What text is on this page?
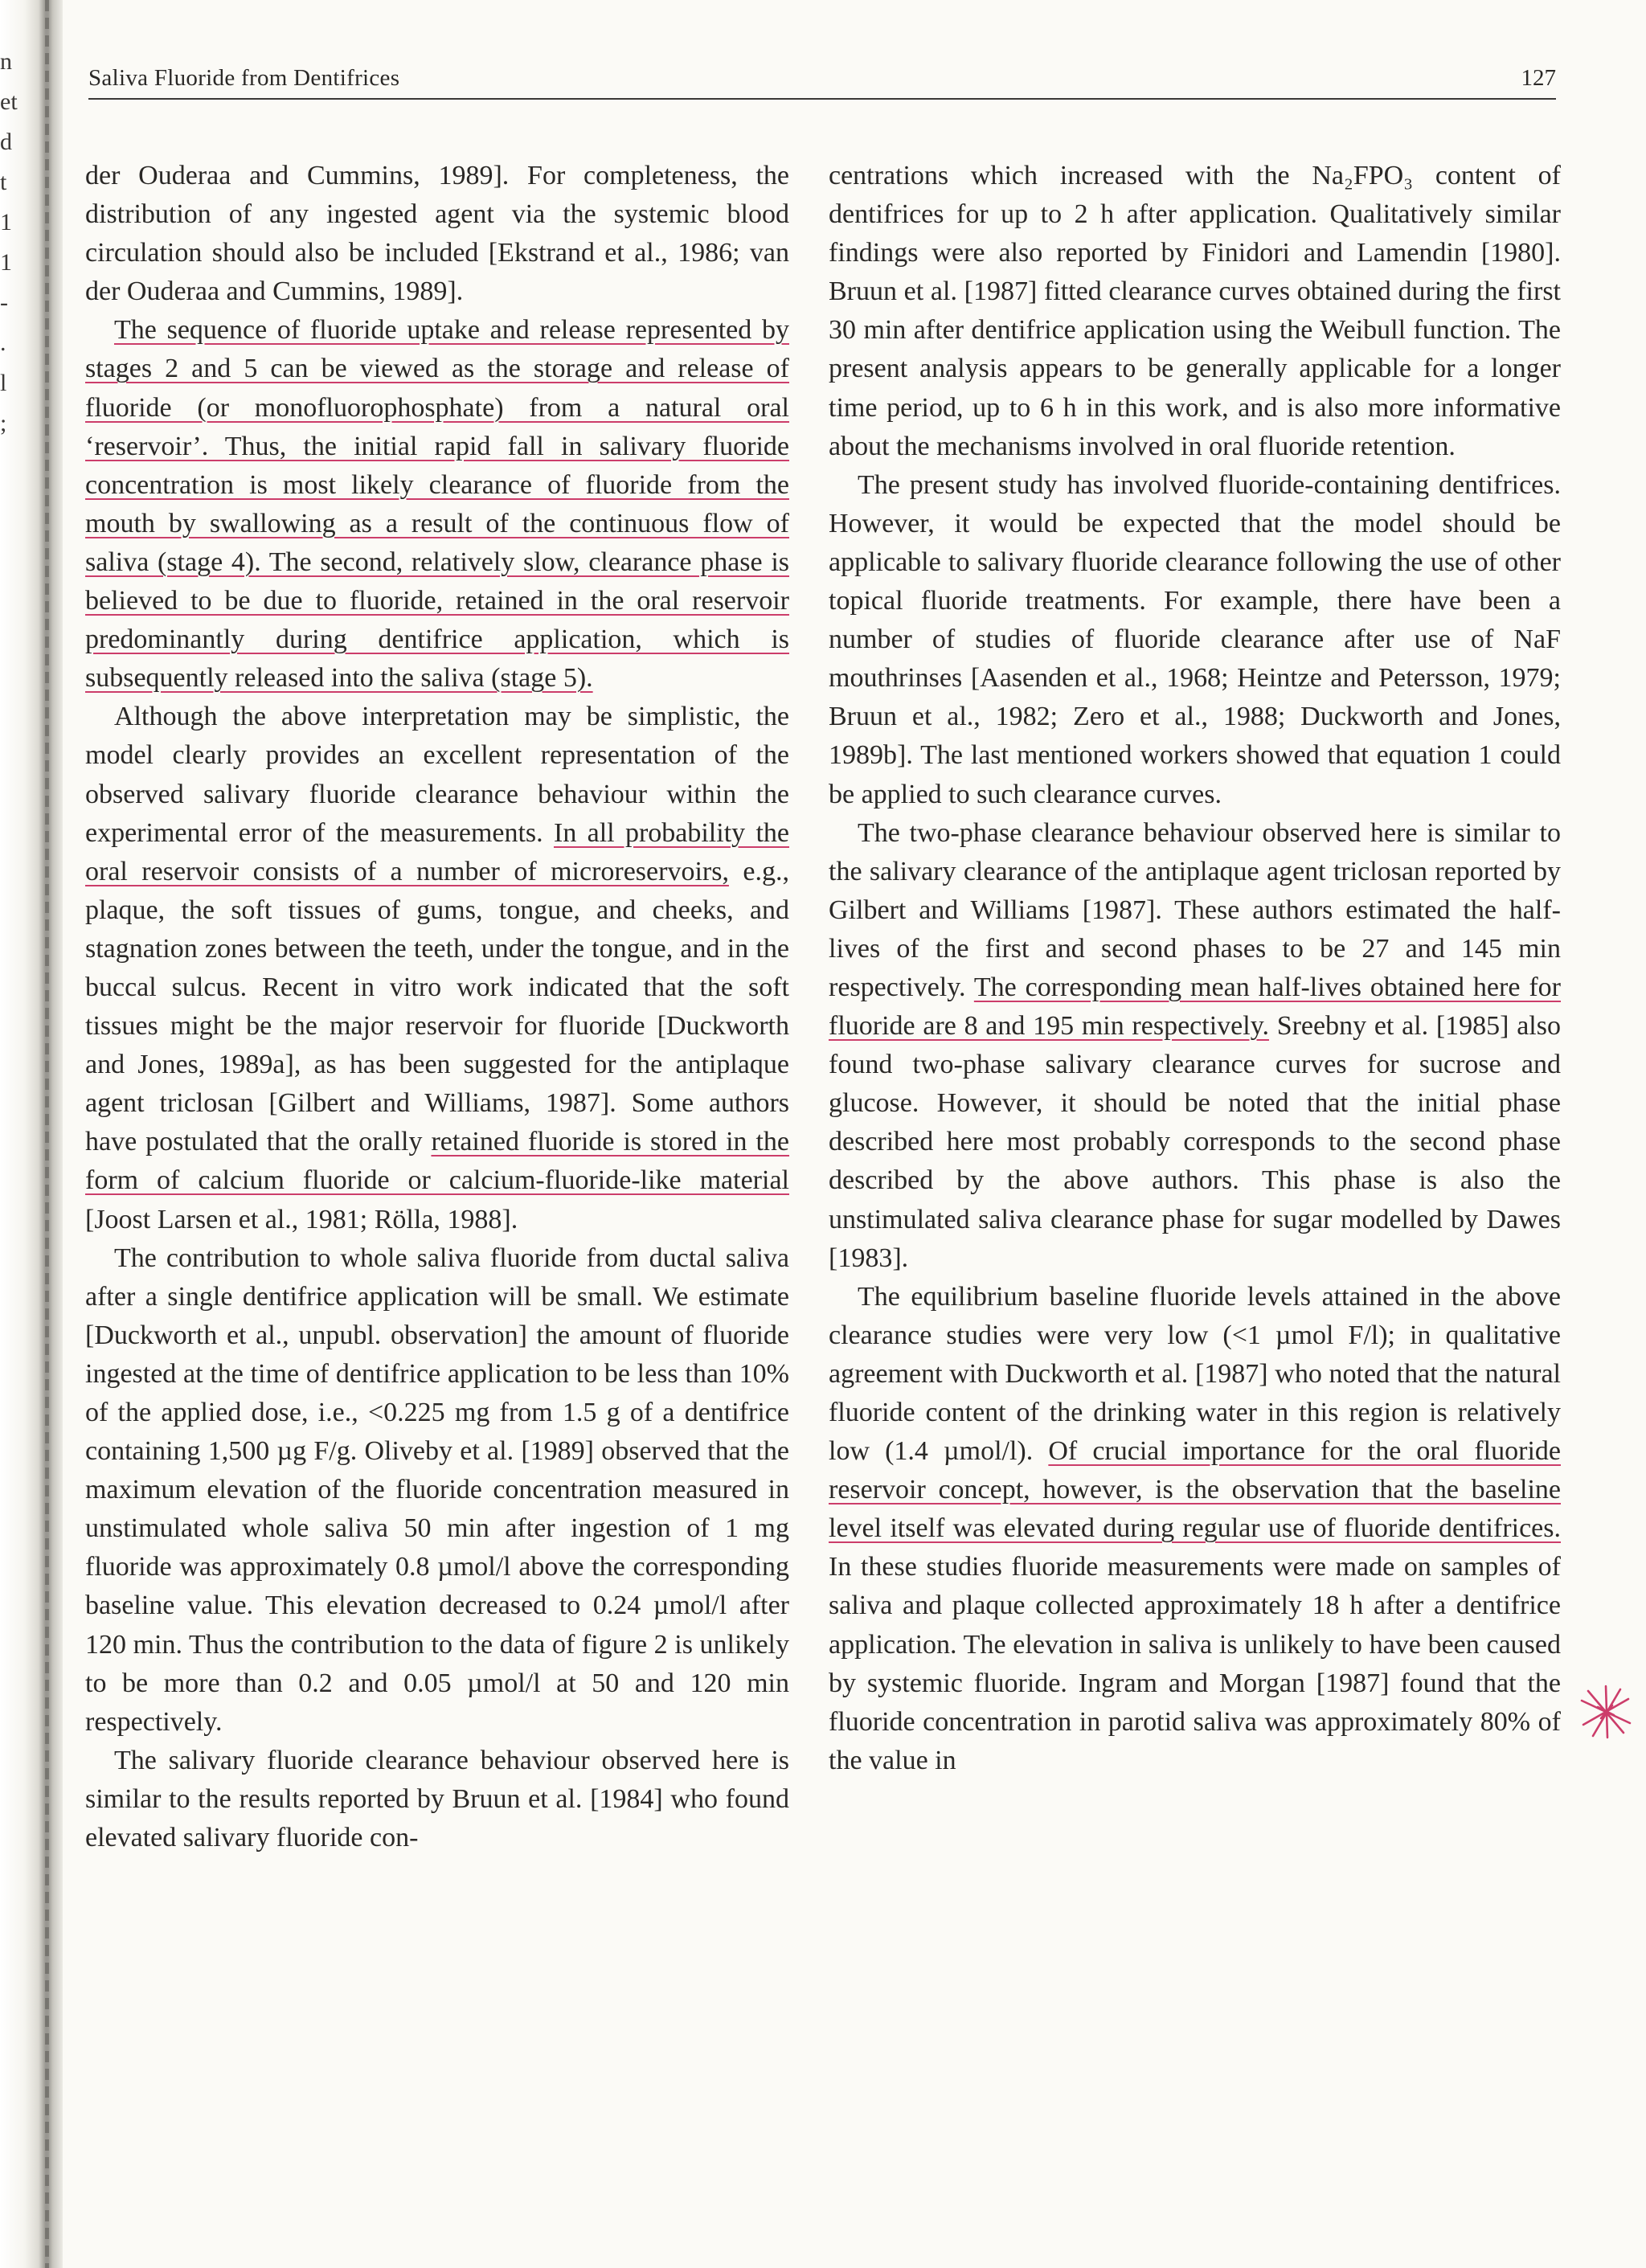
n
et
d
t
1
1
-
.
l
;
Saliva Fluoride from Dentifrices	127

der Ouderaa and Cummins, 1989]. For completeness, the distribution of any ingested agent via the systemic blood circulation should also be included [Ekstrand et al., 1986; van der Ouderaa and Cummins, 1989].

The sequence of fluoride uptake and release represented by stages 2 and 5 can be viewed as the storage and release of fluoride (or monofluorophosphate) from a natural oral ‘reservoir’. Thus, the initial rapid fall in salivary fluoride concentration is most likely clearance of fluoride from the mouth by swallowing as a result of the continuous flow of saliva (stage 4). The second, relatively slow, clearance phase is believed to be due to fluoride, retained in the oral reservoir predominantly during dentifrice application, which is subsequently released into the saliva (stage 5).

Although the above interpretation may be simplistic, the model clearly provides an excellent representation of the observed salivary fluoride clearance behaviour within the experimental error of the measurements. In all probability the oral reservoir consists of a number of microreservoirs, e.g., plaque, the soft tissues of gums, tongue, and cheeks, and stagnation zones between the teeth, under the tongue, and in the buccal sulcus. Recent in vitro work indicated that the soft tissues might be the major reservoir for fluoride [Duckworth and Jones, 1989a], as has been suggested for the antiplaque agent triclosan [Gilbert and Williams, 1987]. Some authors have postulated that the orally retained fluoride is stored in the form of calcium fluoride or calcium-fluoride-like material [Joost Larsen et al., 1981; Rölla, 1988].

The contribution to whole saliva fluoride from ductal saliva after a single dentifrice application will be small. We estimate [Duckworth et al., unpubl. observation] the amount of fluoride ingested at the time of dentifrice application to be less than 10% of the applied dose, i.e., <0.225 mg from 1.5 g of a dentifrice containing 1,500 µg F/g. Oliveby et al. [1989] observed that the maximum elevation of the fluoride concentration measured in unstimulated whole saliva 50 min after ingestion of 1 mg fluoride was approximately 0.8 µmol/l above the corresponding baseline value. This elevation decreased to 0.24 µmol/l after 120 min. Thus the contribution to the data of figure 2 is unlikely to be more than 0.2 and 0.05 µmol/l at 50 and 120 min respectively.

The salivary fluoride clearance behaviour observed here is similar to the results reported by Bruun et al. [1984] who found elevated salivary fluoride con-

centrations which increased with the Na₂FPO₃ content of dentifrices for up to 2 h after application. Qualitatively similar findings were also reported by Finidori and Lamendin [1980]. Bruun et al. [1987] fitted clearance curves obtained during the first 30 min after dentifrice application using the Weibull function. The present analysis appears to be generally applicable for a longer time period, up to 6 h in this work, and is also more informative about the mechanisms involved in oral fluoride retention.

The present study has involved fluoride-containing dentifrices. However, it would be expected that the model should be applicable to salivary fluoride clearance following the use of other topical fluoride treatments. For example, there have been a number of studies of fluoride clearance after use of NaF mouthrinses [Aasenden et al., 1968; Heintze and Petersson, 1979; Bruun et al., 1982; Zero et al., 1988; Duckworth and Jones, 1989b]. The last mentioned workers showed that equation 1 could be applied to such clearance curves.

The two-phase clearance behaviour observed here is similar to the salivary clearance of the antiplaque agent triclosan reported by Gilbert and Williams [1987]. These authors estimated the half-lives of the first and second phases to be 27 and 145 min respectively. The corresponding mean half-lives obtained here for fluoride are 8 and 195 min respectively. Sreebny et al. [1985] also found two-phase salivary clearance curves for sucrose and glucose. However, it should be noted that the initial phase described here most probably corresponds to the second phase described by the above authors. This phase is also the unstimulated saliva clearance phase for sugar modelled by Dawes [1983].

The equilibrium baseline fluoride levels attained in the above clearance studies were very low (<1 µmol F/l); in qualitative agreement with Duckworth et al. [1987] who noted that the natural fluoride content of the drinking water in this region is relatively low (1.4 µmol/l). Of crucial importance for the oral fluoride reservoir concept, however, is the observation that the baseline level itself was elevated during regular use of fluoride dentifrices. In these studies fluoride measurements were made on samples of saliva and plaque collected approximately 18 h after a dentifrice application. The elevation in saliva is unlikely to have been caused by systemic fluoride. Ingram and Morgan [1987] found that the fluoride concentration in parotid saliva was approximately 80% of the value in
